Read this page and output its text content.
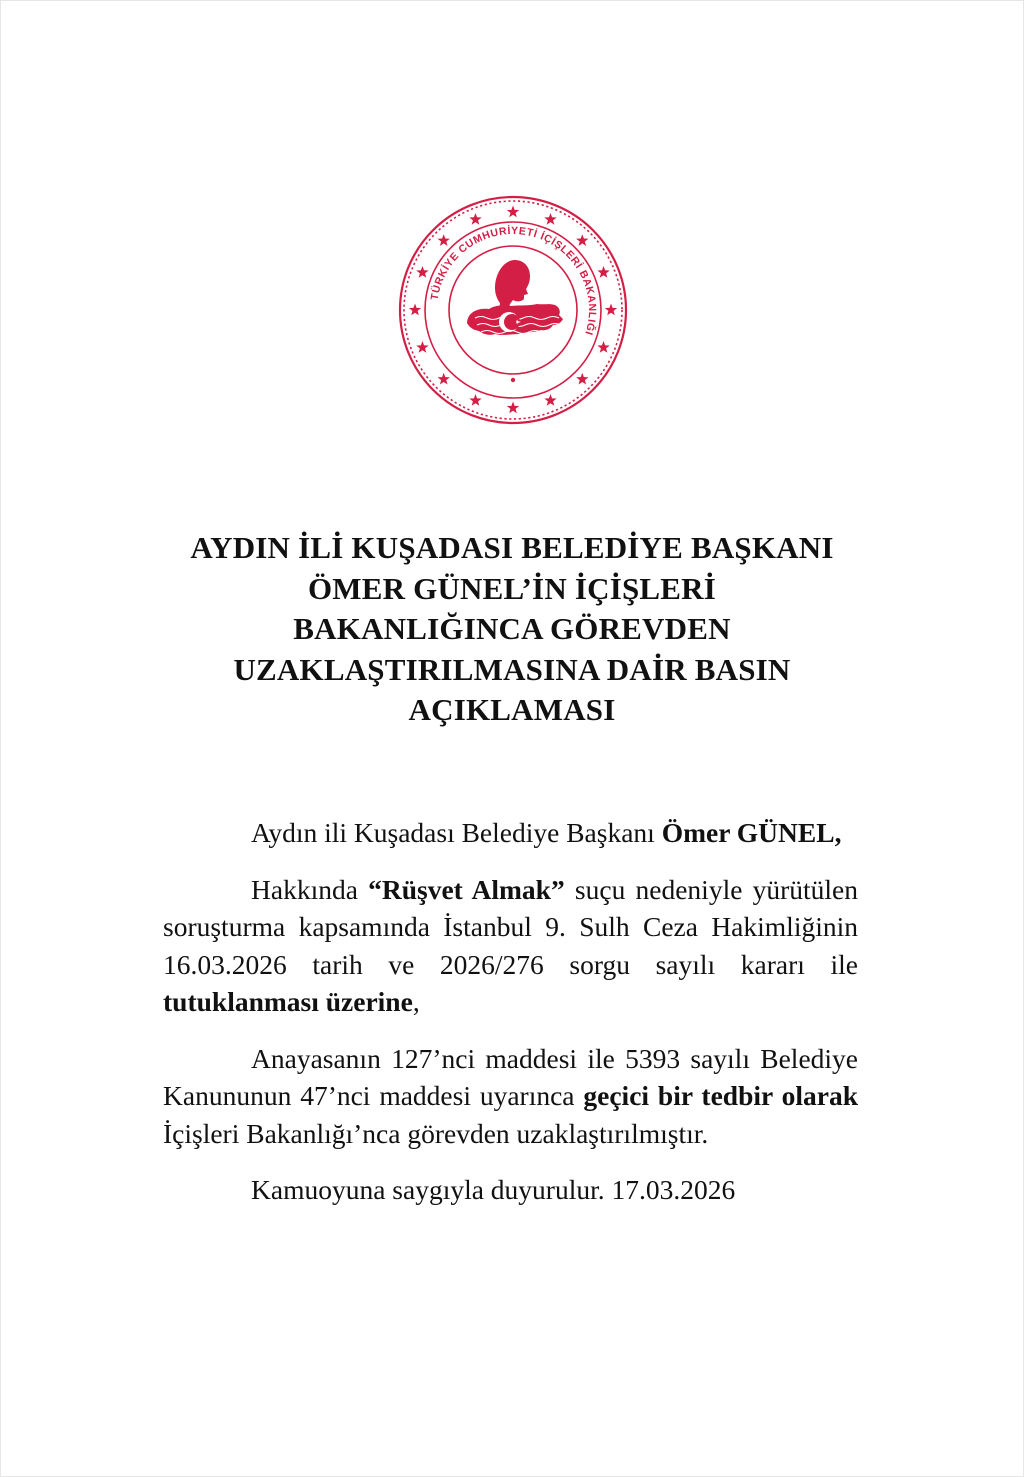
TÜRKİYE CUMHURİYETİ İÇİŞLERİ BAKANLIĞI
AYDIN İLİ KUŞADASI BELEDİYE BAŞKANI
ÖMER GÜNEL’İN İÇİŞLERİ
BAKANLIĞINCA GÖREVDEN
UZAKLAŞTIRILMASINA DAİR BASIN
AÇIKLAMASI

Aydın ili Kuşadası Belediye Başkanı Ömer GÜNEL,

Hakkında “Rüşvet Almak” suçu nedeniyle yürütülen soruşturma kapsamında İstanbul 9. Sulh Ceza Hakimliğinin 16.03.2026 tarih ve 2026/276 sorgu sayılı kararı ile tutuklanması üzerine,

Anayasanın 127’nci maddesi ile 5393 sayılı Belediye Kanununun 47’nci maddesi uyarınca geçici bir tedbir olarak İçişleri Bakanlığı’nca görevden uzaklaştırılmıştır.

Kamuoyuna saygıyla duyurulur. 17.03.2026
